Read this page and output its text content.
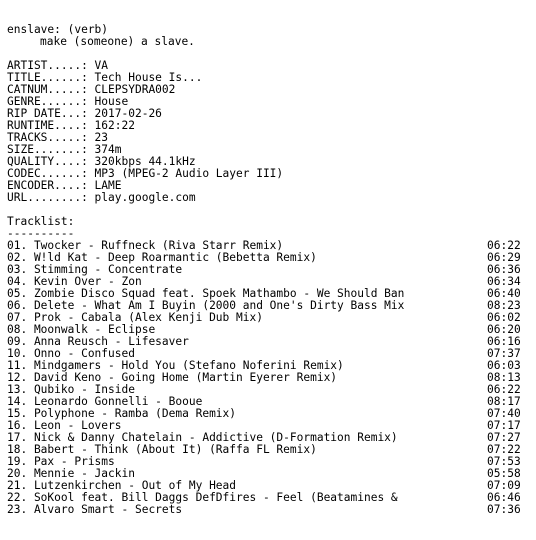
enslave: (verb)
make (someone) a slave.
ARTIST.....: VA
TITLE......: Tech House Is...
CATNUM.....: CLEPSYDRA002
GENRE......: House
RIP DATE...: 2017-02-26
RUNTIME....: 162:22
TRACKS.....: 23
SIZE.......: 374m
QUALITY....: 320kbps 44.1kHz
CODEC......: MP3 (MPEG-2 Audio Layer III)
ENCODER....: LAME
URL........: play.google.com
Tracklist:
----------
01. Twocker - Ruffneck (Riva Starr Remix)	06:22
02. W!ld Kat - Deep Roarmantic (Bebetta Remix)	06:29
03. Stimming - Concentrate	06:36
04. Kevin Over - Zon	06:34
05. Zombie Disco Squad feat. Spoek Mathambo - We Should Ban	06:40
06. Delete - What Am I Buyin (2000 and One's Dirty Bass Mix	08:23
07. Prok - Cabala (Alex Kenji Dub Mix)	06:02
08. Moonwalk - Eclipse	06:20
09. Anna Reusch - Lifesaver	06:16
10. Onno - Confused	07:37
11. Mindgamers - Hold You (Stefano Noferini Remix)	06:03
12. David Keno - Going Home (Martin Eyerer Remix)	08:13
13. Qubiko - Inside	06:22
14. Leonardo Gonnelli - Booue	08:17
15. Polyphone - Ramba (Dema Remix)	07:40
16. Leon - Lovers	07:17
17. Nick & Danny Chatelain - Addictive (D-Formation Remix)	07:27
18. Babert - Think (About It) (Raffa FL Remix)	07:22
19. Pax - Prisms	07:53
20. Mennie - Jackin	05:58
21. Lutzenkirchen - Out of My Head	07:09
22. SoKool feat. Bill Daggs DefDfires - Feel (Beatamines &	06:46
23. Alvaro Smart - Secrets	07:36
